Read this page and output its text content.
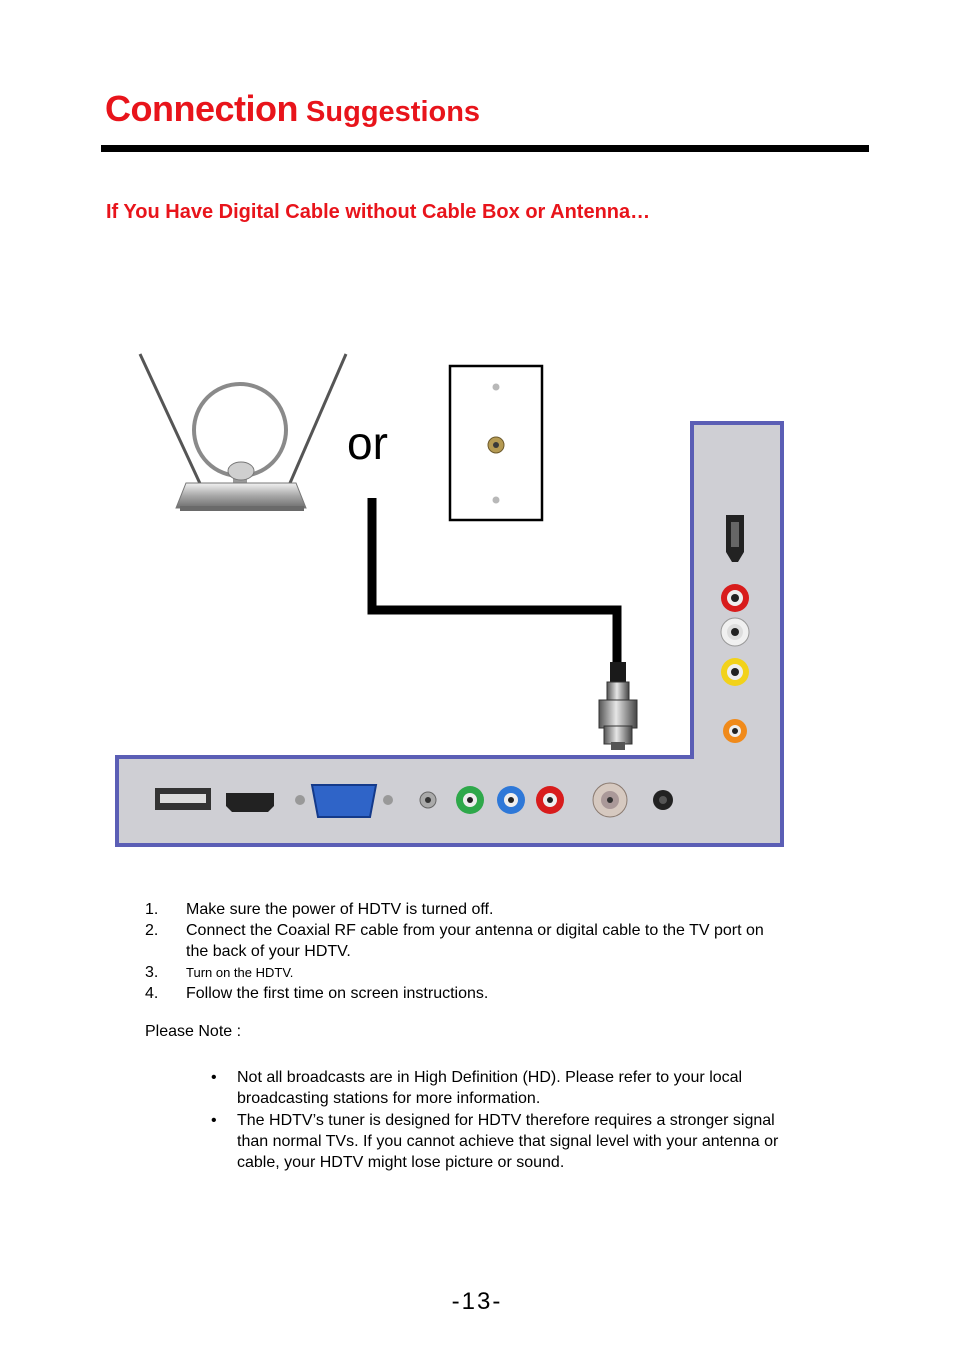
Connection Suggestions
If You Have Digital Cable without Cable Box or Antenna…
or
1. Make sure the power of HDTV is turned off.
2. Connect the Coaxial RF cable from your antenna or digital cable to the TV port on the back of your HDTV.
3. Turn on the HDTV.
4. Follow the first time on screen instructions.
Please Note :
• Not all broadcasts are in High Definition (HD). Please refer to your local broadcasting stations for more information.
• The HDTV’s tuner is designed for HDTV therefore requires a stronger signal than normal TVs. If you cannot achieve that signal level with your antenna or cable, your HDTV might lose picture or sound.
-13-
